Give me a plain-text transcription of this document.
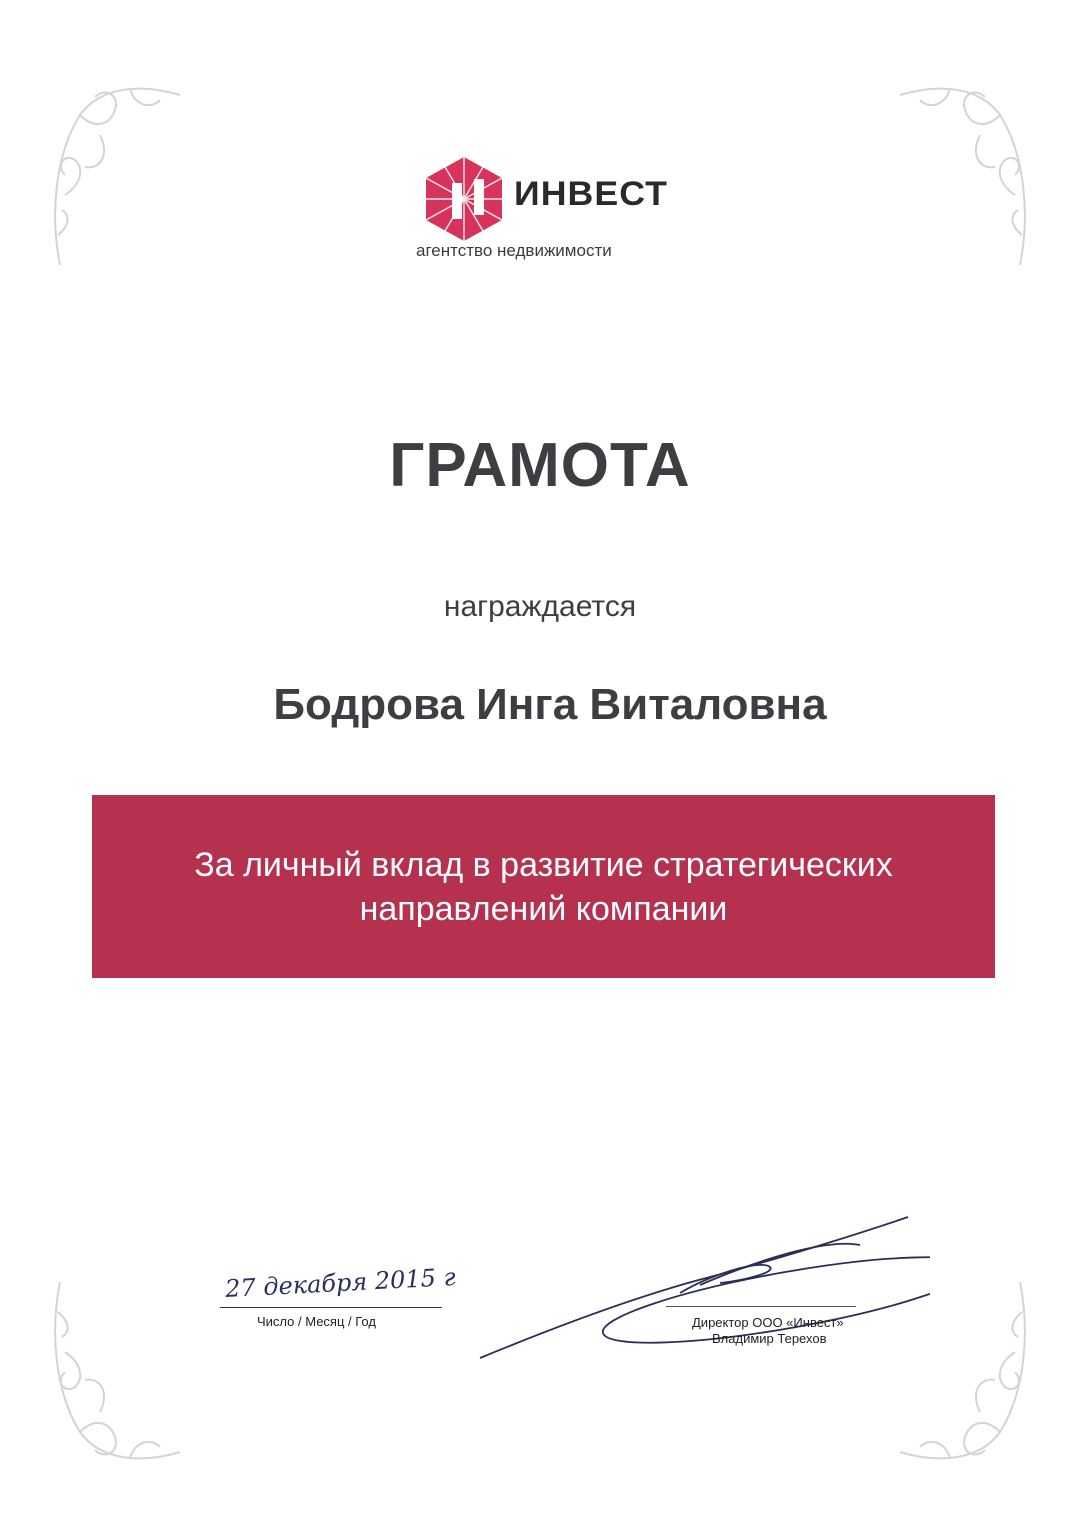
ИНВЕСТ
агентство недвижимости
ГРАМОТА
награждается
Бодрова Инга Виталовна
За личный вклад в развитие стратегических направлений компании
27 декабря 2015 г
Число / Месяц / Год	Директор ООО «Инвест»
Владимир Терехов
